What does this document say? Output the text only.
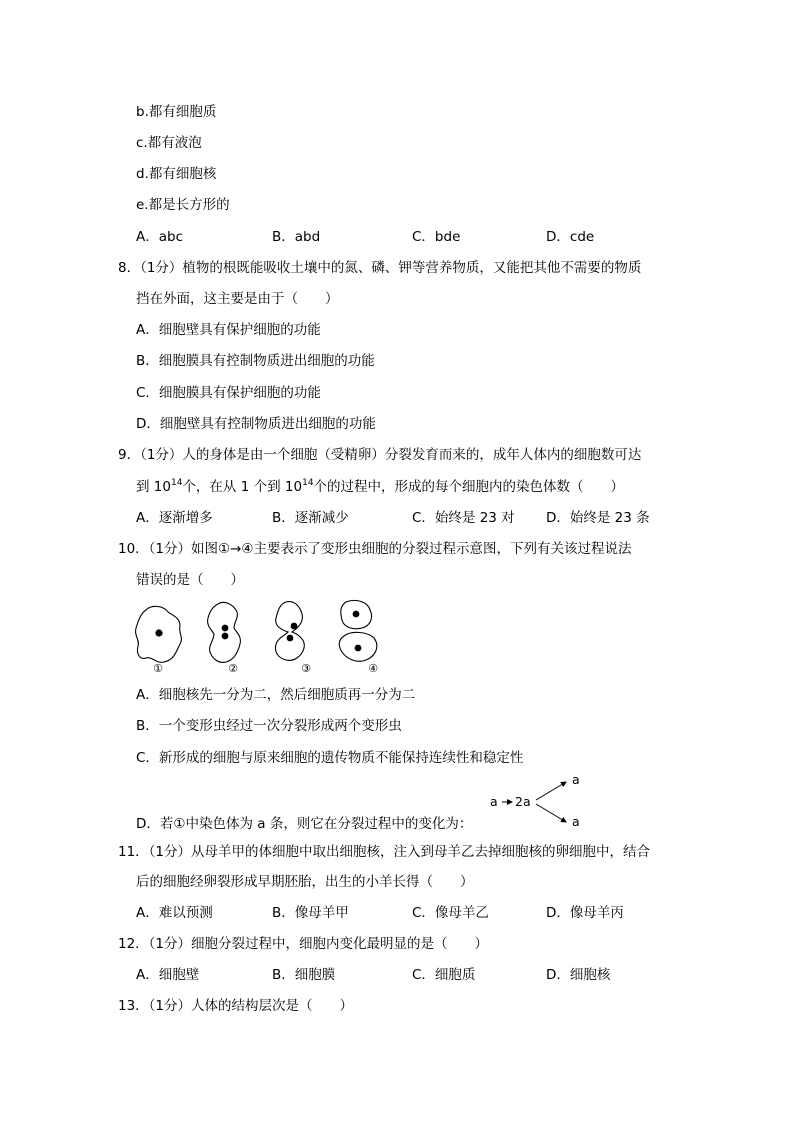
b.都有细胞质
c.都有液泡
d.都有细胞核
e.都是长方形的
A．abc	B．abd	C．bde	D．cde
8．（1分）植物的根既能吸收土壤中的氮、磷、钾等营养物质，又能把其他不需要的物质
挡在外面，这主要是由于（　　）
A．细胞壁具有保护细胞的功能
B．细胞膜具有控制物质进出细胞的功能
C．细胞膜具有保护细胞的功能
D．细胞壁具有控制物质进出细胞的功能
9．（1分）人的身体是由一个细胞（受精卵）分裂发育而来的，成年人体内的细胞数可达
到 $10^{14}$个，在从 1 个到 $10^{14}$个的过程中，形成的每个细胞内的染色体数（　　）
A．逐渐增多	B．逐渐减少	C．始终是 23 对 D．始终是 23 条
10．（1分）如图①→④主要表示了变形虫细胞的分裂过程示意图，下列有关该过程说法
错误的是（　　）
①	②	③	④
A．细胞核先一分为二，然后细胞质再一分为二
B．一个变形虫经过一次分裂形成两个变形虫
C．新形成的细胞与原来细胞的遗传物质不能保持连续性和稳定性
a 2a
a
a
D．若①中染色体为 a 条，则它在分裂过程中的变化为：
11．（1分）从母羊甲的体细胞中取出细胞核，注入到母羊乙去掉细胞核的卵细胞中，结合
后的细胞经卵裂形成早期胚胎，出生的小羊长得（　　）
A．难以预测	B．像母羊甲	C．像母羊乙	D．像母羊丙
12．（1分）细胞分裂过程中，细胞内变化最明显的是（　　）
A．细胞壁	B．细胞膜	C．细胞质	D．细胞核
13．（1分）人体的结构层次是（　　）
